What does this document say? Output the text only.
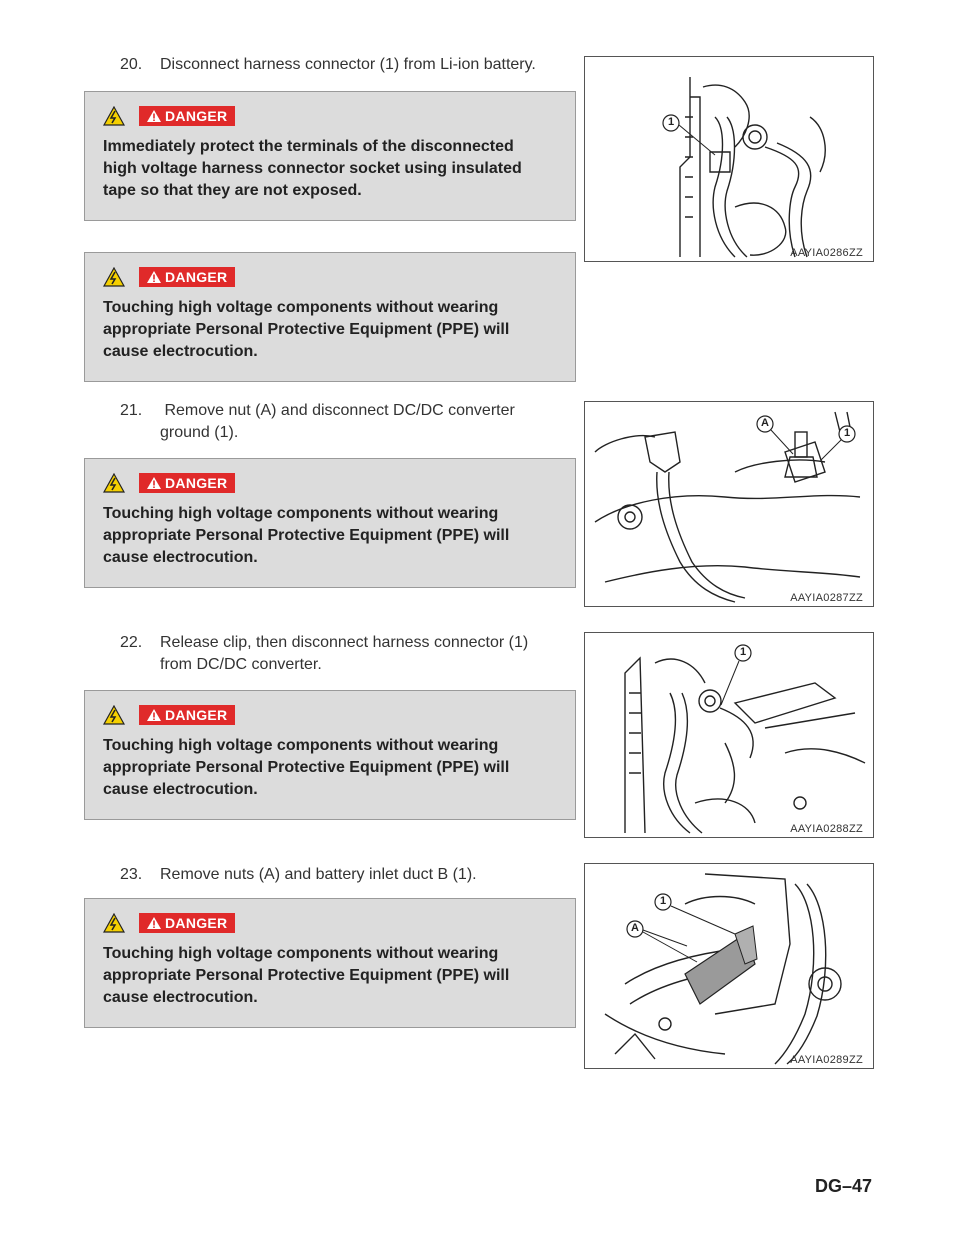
20. Disconnect harness connector (1) from Li-ion battery.
DANGER
Immediately protect the terminals of the disconnected
high voltage harness connector socket using insulated
tape so that they are not exposed.
DANGER
Touching high voltage components without wearing
appropriate Personal Protective Equipment (PPE) will
cause electrocution.
21. Remove nut (A) and disconnect DC/DC converter
ground (1).
DANGER
Touching high voltage components without wearing
appropriate Personal Protective Equipment (PPE) will
cause electrocution.
22. Release clip, then disconnect harness connector (1)
from DC/DC converter.
DANGER
Touching high voltage components without wearing
appropriate Personal Protective Equipment (PPE) will
cause electrocution.
23. Remove nuts (A) and battery inlet duct B (1).
DANGER
Touching high voltage components without wearing
appropriate Personal Protective Equipment (PPE) will
cause electrocution.
1
AAYIA0286ZZ
A
1
AAYIA0287ZZ
1
AAYIA0288ZZ
1
A
AAYIA0289ZZ
DG–47
